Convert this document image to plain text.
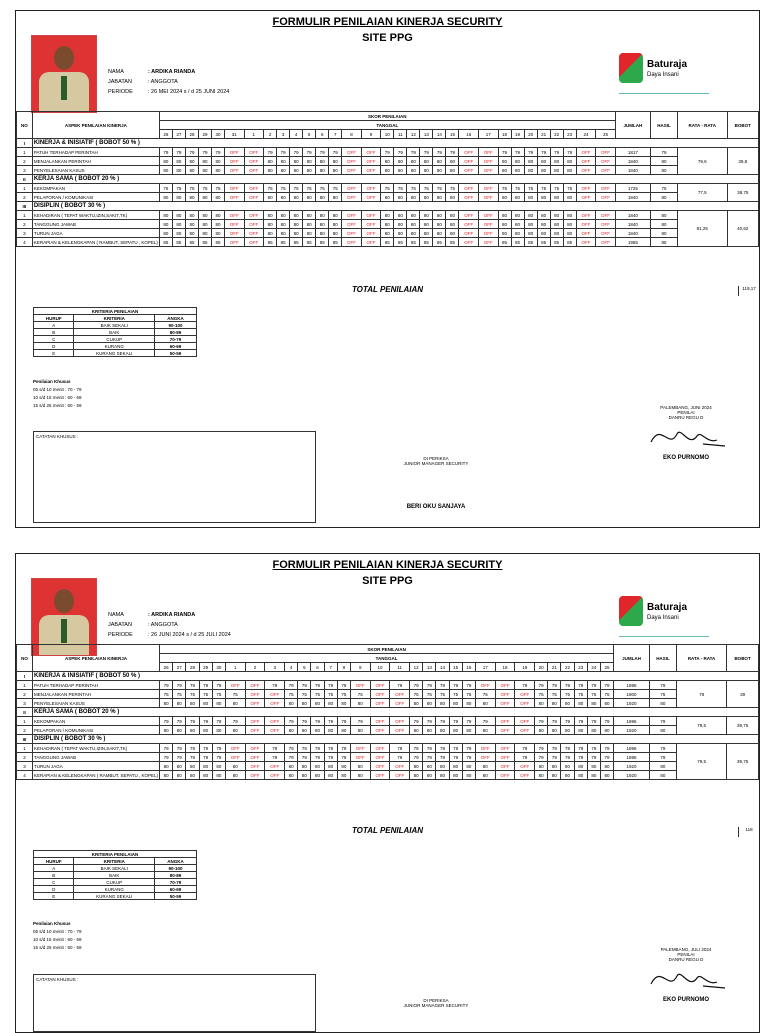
FORMULIR PENILAIAN KINERJA SECURITY
SITE PPG
NAMA	: ARDIKA RIANDA
JABATAN	: ANGGOTA
PERIODE	: 26 MEI 2024 s / d 25 JUNI 2024
Baturaja
Daya Insani
NO	ASPEK PENILAIAN KINERJA	SKOR PENILAIAN																															JUMLAH	HASIL	RATA - RATA	BOBOT
		TANGGAL																																		
		26	27	28	29	30	31	1	2	3	4	5	6	7	8	9	10	11	12	13	14	15	16	17	18	19	20	21	22	23	24	25				
I	KINERJA & INISIATIF ( BOBOT 50 % )																																			
1	PATUH TERHADAP PERINTAH	79	79	79	79	79	OFF	OFF	79	79	79	79	79	79	OFF	OFF	79	79	79	79	79	79	OFF	OFF	79	79	79	79	79	79	OFF	OFF	1817	79	79,6	39,8
2	MENJALANKAN PERINTAH	80	80	80	80	80	OFF	OFF	80	80	80	80	80	80	OFF	OFF	80	80	80	80	80	80	OFF	OFF	80	80	80	80	80	80	OFF	OFF	1840	80		
3	PENYELESAIAN KASUS	80	80	80	80	80	OFF	OFF	80	80	80	80	80	80	OFF	OFF	80	80	80	80	80	80	OFF	OFF	80	80	80	80	80	80	OFF	OFF	1840	80		
II	KERJA SAMA ( BOBOT 20 % )																																			
1	KEKOMPAKAN	75	75	75	75	75	OFF	OFF	75	75	75	75	75	75	OFF	OFF	75	75	75	75	75	75	OFF	OFF	75	75	75	75	75	75	OFF	OFF	1725	75	77,5	38,75
2	PELAPORAN / KOMUNIKASI	80	80	80	80	80	OFF	OFF	80	80	80	80	80	80	OFF	OFF	80	80	80	80	80	80	OFF	OFF	80	80	80	80	80	80	OFF	OFF	1840	80		
III	DISIPLIN ( BOBOT 30 % )																																			
1	KEHADIRAN ( TEPAT WAKTU,IZIN,SAKIT,TK)	80	80	80	80	80	OFF	OFF	80	80	80	80	80	80	OFF	OFF	80	80	80	80	80	80	OFF	OFF	80	80	80	80	80	80	OFF	OFF	1840	80	81,25	40,62
2	TANGGUNG JAWAB	80	80	80	80	80	OFF	OFF	80	80	80	80	80	80	OFF	OFF	80	80	80	80	80	80	OFF	OFF	80	80	80	80	80	80	OFF	OFF	1840	80		
3	TURUN JAGA	80	80	80	80	80	OFF	OFF	80	80	80	80	80	80	OFF	OFF	80	80	80	80	80	80	OFF	OFF	80	80	80	80	80	80	OFF	OFF	1840	80		
4	KERAPIAN & KELENGKAPAN ( RAMBUT, SEPATU , KOPEL)	85	85	85	85	85	OFF	OFF	85	85	85	85	85	85	OFF	OFF	85	85	85	85	85	85	OFF	OFF	85	85	85	85	85	85	OFF	OFF	1955	85		
TOTAL PENILAIAN	119,17
KRITERIA PENILAIAN		
HURUF	KRITERIA	ANGKA
A	BAIK SEKALI	90-100
B	BAIK	80-89
C	CUKUP	70-79
D	KURANG	60-69
E	KURANG SEKALI	50-59
Penilaian Khusus
05 s/d 10 menit : 70 - 79
10 s/d 15 menit : 60 - 69
15 s/d 25 menit : 50 - 59
CATATAN KHUSUS :
DI PERIKSA
JUNIOR MANAGER SECURITY
BERI OKU SANJAYA
PALEMBANG, JUNI 2024
PENILAI
DANRU REGU D
EKO PURNOMO
FORMULIR PENILAIAN KINERJA SECURITY
SITE PPG
NAMA	: ARDIKA RIANDA
JABATAN	: ANGGOTA
PERIODE	: 26 JUNI 2024 s / d 25 JULI 2024
Baturaja
Daya Insani
NO	ASPEK PENILAIAN KINERJA	SKOR PENILAIAN																														JUMLAH	HASIL	RATA - RATA	BOBOT
		TANGGAL																																	
		26	27	28	29	30	1	2	3	4	5	6	7	8	9	10	11	12	13	14	15	16	17	18	19	20	21	22	23	24	25				
I	KINERJA & INISIATIF ( BOBOT 50 % )																																		
1	PATUH TERHADAP PERINTAH	79	79	79	79	79	OFF	OFF	79	79	79	79	79	79	OFF	OFF	79	79	79	79	79	79	OFF	OFF	79	79	79	79	79	79	79	1896	79	78	39
2	MENJALANKAN PERINTAH	75	75	75	75	75	75	OFF	OFF	75	75	75	75	75	75	OFF	OFF	75	75	75	75	75	75	OFF	OFF	75	75	75	75	75	75	1800	75		
3	PENYELESAIAN KASUS	80	80	80	80	80	80	OFF	OFF	80	80	80	80	80	80	OFF	OFF	80	80	80	80	80	80	OFF	OFF	80	80	80	80	80	80	1920	80		
II	KERJA SAMA ( BOBOT 20 % )																																		
1	KEKOMPAKAN	79	79	79	79	79	79	OFF	OFF	79	79	79	79	79	79	OFF	OFF	79	79	79	79	79	79	OFF	OFF	79	79	79	79	79	79	1896	79	79,5	39,75
2	PELAPORAN / KOMUNIKASI	80	80	80	80	80	80	OFF	OFF	80	80	80	80	80	80	OFF	OFF	80	80	80	80	80	80	OFF	OFF	80	80	80	80	80	80	1920	80		
III	DISIPLIN ( BOBOT 30 % )																																		
1	KEHADIRAN ( TEPAT WAKTU,IZIN,SAKIT,TK)	79	79	79	79	79	OFF	OFF	79	79	79	79	79	79	OFF	OFF	79	79	79	79	79	79	OFF	OFF	79	79	79	79	79	79	79	1896	79	79,5	39,75
2	TANGGUNG JAWAB	79	79	79	79	79	OFF	OFF	79	79	79	79	79	79	OFF	OFF	79	79	79	79	79	79	OFF	OFF	79	79	79	79	79	79	79	1896	79		
3	TURUN JAGA	80	80	80	80	80	80	OFF	OFF	80	80	80	80	80	80	OFF	OFF	80	80	80	80	80	80	OFF	OFF	80	80	80	80	80	80	1920	80		
4	KERAPIAN & KELENGKAPAN ( RAMBUT, SEPATU , KOPEL)	80	80	80	80	80	80	OFF	OFF	80	80	80	80	80	80	OFF	OFF	80	80	80	80	80	80	OFF	OFF	80	80	80	80	80	80	1920	80		
TOTAL PENILAIAN	118
KRITERIA PENILAIAN		
HURUF	KRITERIA	ANGKA
A	BAIK SEKALI	90-100
B	BAIK	80-89
C	CUKUP	70-79
D	KURANG	60-69
E	KURANG SEKALI	50-59
Penilaian Khusus
05 s/d 10 menit : 70 - 79
10 s/d 15 menit : 60 - 69
15 s/d 25 menit : 50 - 59
CATATAN KHUSUS :
DI PERIKSA
JUNIOR MANAGER SECURITY
PALEMBANG, JULI 2024
PENILAI
DANRU REGU D
EKO PURNOMO
